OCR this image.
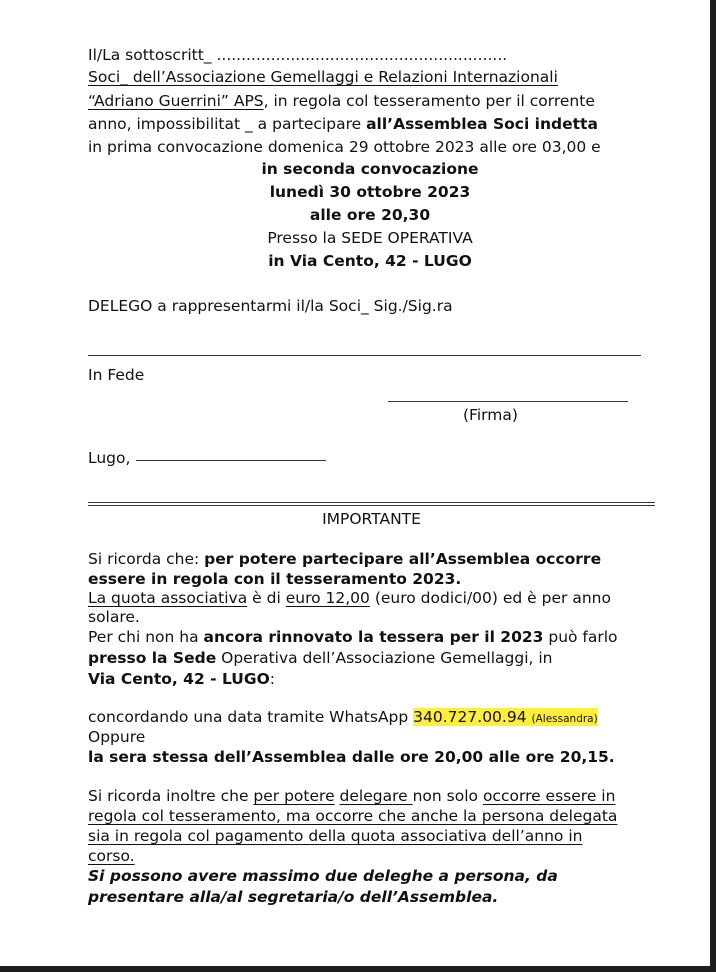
Il/La sottoscritt_ ...........................................................
Soci_ dell’Associazione Gemellaggi e Relazioni Internazionali
“Adriano Guerrini” APS, in regola col tesseramento per il corrente
anno, impossibilitat _ a partecipare all’Assemblea Soci indetta
in prima convocazione domenica 29 ottobre 2023 alle ore 03,00 e
in seconda convocazione
lunedì 30 ottobre 2023
alle ore 20,30
Presso la SEDE OPERATIVA
in Via Cento, 42 - LUGO
DELEGO a rappresentarmi il/la Soci_ Sig./Sig.ra
In Fede
(Firma)
Lugo,
IMPORTANTE
Si ricorda che: per potere partecipare all’Assemblea occorre
essere in regola con il tesseramento 2023.
La quota associativa è di euro 12,00 (euro dodici/00) ed è per anno
solare.
Per chi non ha ancora rinnovato la tessera per il 2023 può farlo
presso la Sede Operativa dell’Associazione Gemellaggi, in
Via Cento, 42 - LUGO:
concordando una data tramite WhatsApp 340.727.00.94 (Alessandra)
Oppure
la sera stessa dell’Assemblea dalle ore 20,00 alle ore 20,15.
Si ricorda inoltre che per potere delegare non solo occorre essere in
regola col tesseramento, ma occorre che anche la persona delegata
sia in regola col pagamento della quota associativa dell’anno in
corso.
Si possono avere massimo due deleghe a persona, da
presentare alla/al segretaria/o dell’Assemblea.
